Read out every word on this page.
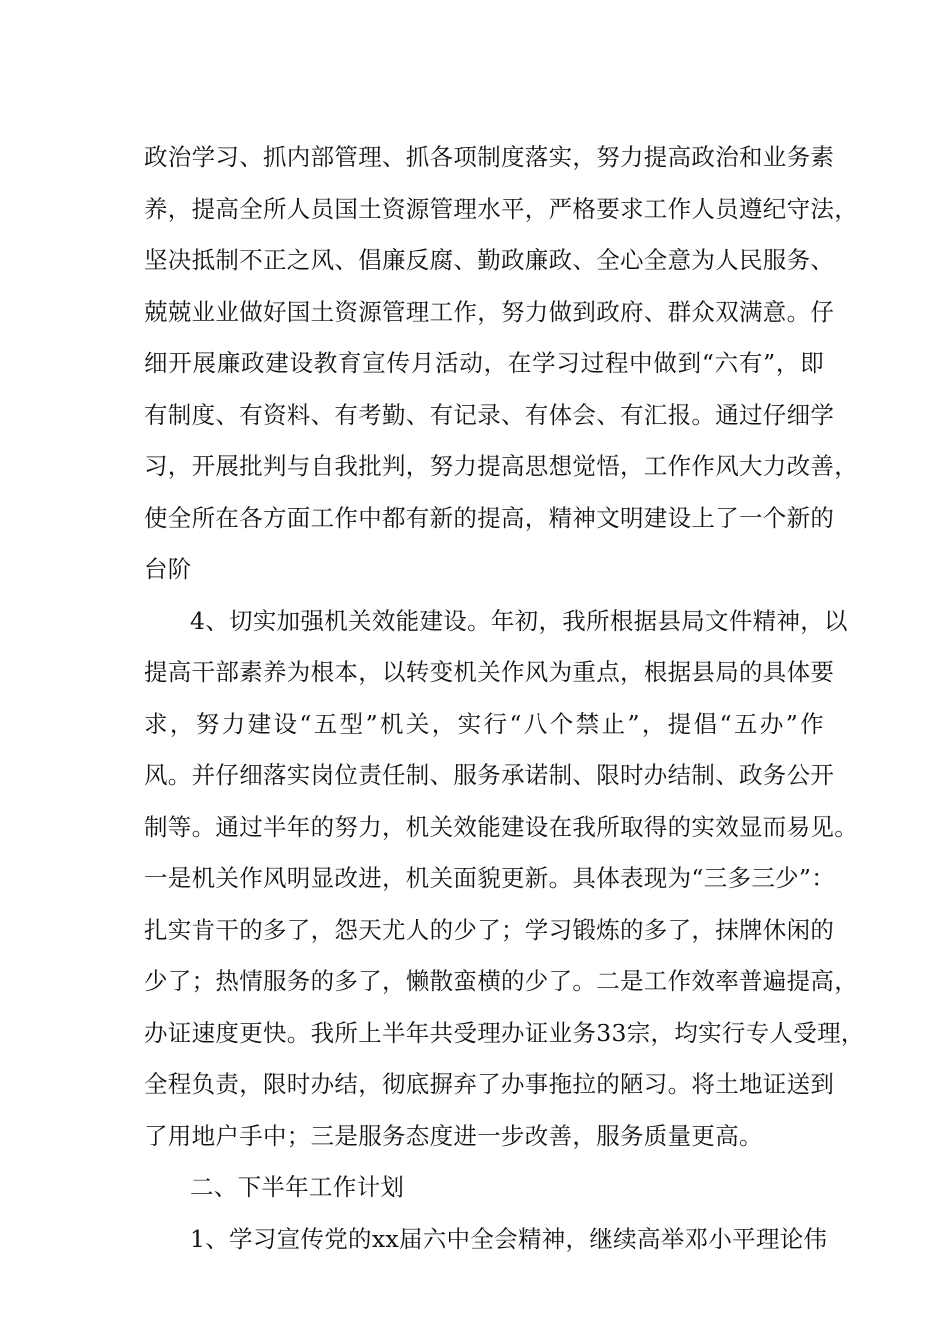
政治学习、抓内部管理、抓各项制度落实，努力提高政治和业务素
养，提高全所人员国土资源管理水平，严格要求工作人员遵纪守法，
坚决抵制不正之风、倡廉反腐、勤政廉政、全心全意为人民服务、
兢兢业业做好国土资源管理工作，努力做到政府、群众双满意。仔
细开展廉政建设教育宣传月活动，在学习过程中做到“六有”，即
有制度、有资料、有考勤、有记录、有体会、有汇报。通过仔细学
习，开展批判与自我批判，努力提高思想觉悟，工作作风大力改善，
使全所在各方面工作中都有新的提高，精神文明建设上了一个新的
台阶
4、切实加强机关效能建设。年初，我所根据县局文件精神，以
提高干部素养为根本，以转变机关作风为重点，根据县局的具体要
求，努力建设“五型”机关，实行“八个禁止”，提倡“五办”作
风。并仔细落实岗位责任制、服务承诺制、限时办结制、政务公开
制等。通过半年的努力，机关效能建设在我所取得的实效显而易见。
一是机关作风明显改进，机关面貌更新。具体表现为“三多三少”：
扎实肯干的多了，怨天尤人的少了；学习锻炼的多了，抹牌休闲的
少了；热情服务的多了，懒散蛮横的少了。二是工作效率普遍提高，
办证速度更快。我所上半年共受理办证业务33宗，均实行专人受理，
全程负责，限时办结，彻底摒弃了办事拖拉的陋习。将土地证送到
了用地户手中；三是服务态度进一步改善，服务质量更高。
二、下半年工作计划
1、学习宣传党的xx届六中全会精神，继续高举邓小平理论伟
